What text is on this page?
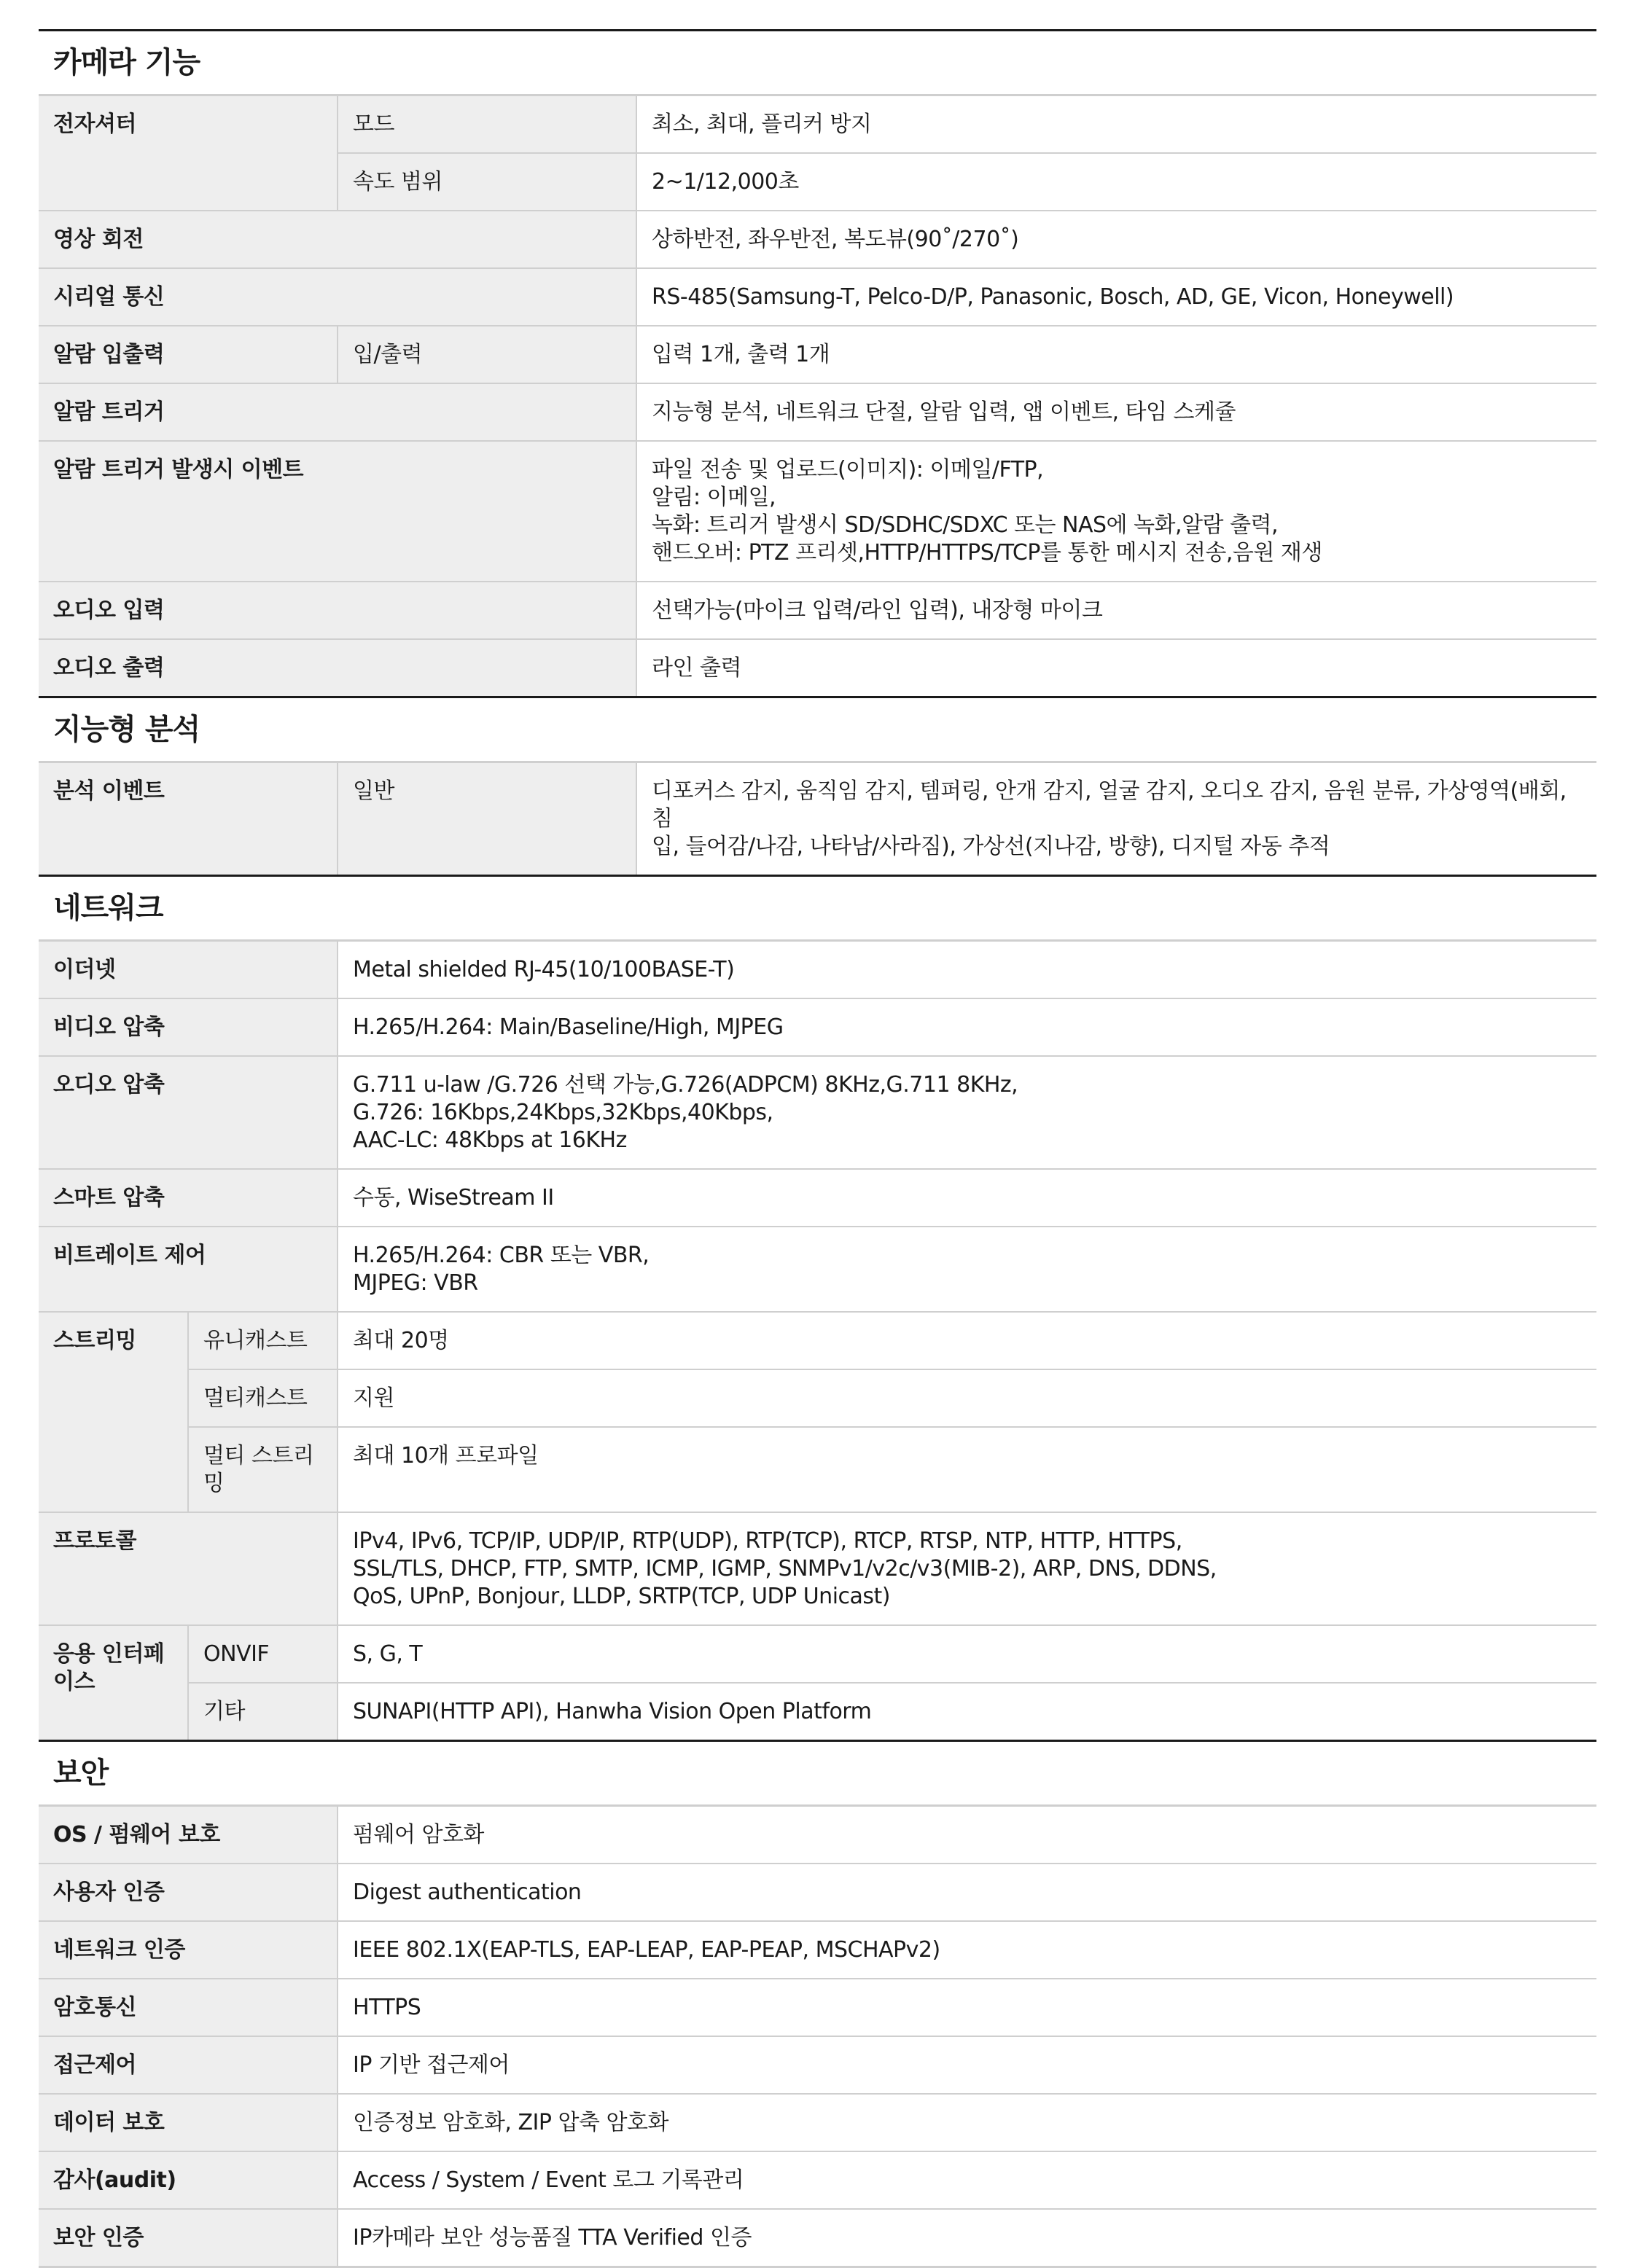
카메라 기능
전자셔터	모드	최소, 최대, 플리커 방지

	속도 범위	2~1/12,000초

영상 회전		상하반전, 좌우반전, 복도뷰(90˚/270˚)

시리얼 통신		RS-485(Samsung-T, Pelco-D/P, Panasonic, Bosch, AD, GE, Vicon, Honeywell)

알람 입출력	입/출력	입력 1개, 출력 1개

알람 트리거		지능형 분석, 네트워크 단절, 알람 입력, 앱 이벤트, 타임 스케쥴

알람 트리거 발생시 이벤트		파일 전송 및 업로드(이미지): 이메일/FTP,
알림: 이메일,
녹화: 트리거 발생시 SD/SDHC/SDXC 또는 NAS에 녹화,알람 출력,
핸드오버: PTZ 프리셋,HTTP/HTTPS/TCP를 통한 메시지 전송,음원 재생

오디오 입력		선택가능(마이크 입력/라인 입력), 내장형 마이크

오디오 출력		라인 출력
지능형 분석
분석 이벤트	일반	디포커스 감지, 움직임 감지, 템퍼링, 안개 감지, 얼굴 감지, 오디오 감지, 음원 분류, 가상영역(배회, 침
입, 들어감/나감, 나타남/사라짐), 가상선(지나감, 방향), 디지털 자동 추적
네트워크
이더넷		Metal shielded RJ-45(10/100BASE-T)

비디오 압축		H.265/H.264: Main/Baseline/High, MJPEG

오디오 압축		G.711 u-law /G.726 선택 가능,G.726(ADPCM) 8KHz,G.711 8KHz,
G.726: 16Kbps,24Kbps,32Kbps,40Kbps,
AAC-LC: 48Kbps at 16KHz

스마트 압축		수동, WiseStream II

비트레이트 제어		H.265/H.264: CBR 또는 VBR,
MJPEG: VBR

스트리밍	유니캐스트	최대 20명

	멀티캐스트	지원

	멀티 스트리밍	최대 10개 프로파일

프로토콜		IPv4, IPv6, TCP/IP, UDP/IP, RTP(UDP), RTP(TCP), RTCP, RTSP, NTP, HTTP, HTTPS,
SSL/TLS, DHCP, FTP, SMTP, ICMP, IGMP, SNMPv1/v2c/v3(MIB-2), ARP, DNS, DDNS,
QoS, UPnP, Bonjour, LLDP, SRTP(TCP, UDP Unicast)

응용 인터페이스	ONVIF	S, G, T

	기타	SUNAPI(HTTP API), Hanwha Vision Open Platform
보안
OS / 펌웨어 보호	펌웨어 암호화

사용자 인증	Digest authentication

네트워크 인증	IEEE 802.1X(EAP-TLS, EAP-LEAP, EAP-PEAP, MSCHAPv2)

암호통신	HTTPS

접근제어	IP 기반 접근제어

데이터 보호	인증정보 암호화, ZIP 압축 암호화

감사(audit)	Access / System / Event 로그 기록관리

보안 인증	IP카메라 보안 성능품질 TTA Verified 인증
